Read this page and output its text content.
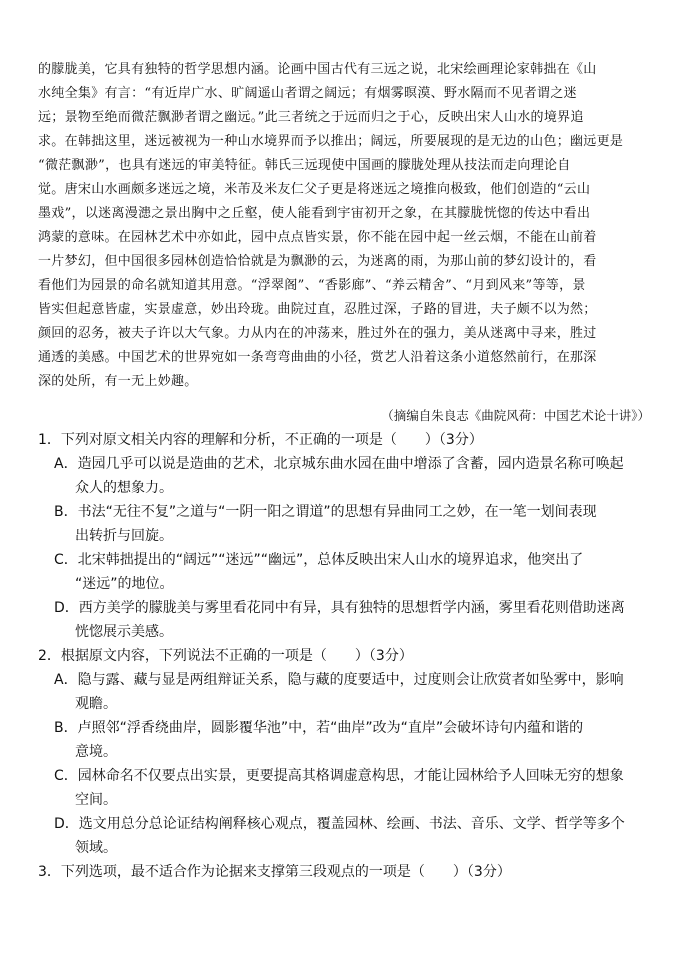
的朦胧美，它具有独特的哲学思想内涵。论画中国古代有三远之说，北宋绘画理论家韩拙在《山
水纯全集》有言：“有近岸广水、旷阔遥山者谓之阔远；有烟雾暝漠、野水隔而不见者谓之迷
远；景物至绝而微茫飘渺者谓之幽远。”此三者统之于远而归之于心，反映出宋人山水的境界追
求。在韩拙这里，迷远被视为一种山水境界而予以推出；阔远，所要展现的是无边的山色；幽远更是
“微茫飘渺”，也具有迷远的审美特征。韩氏三远现使中国画的朦胧处理从技法而走向理论自
觉。唐宋山水画颇多迷远之境，米芾及米友仁父子更是将迷远之境推向极致，他们创造的“云山
墨戏”，以迷离漫漶之景出胸中之丘壑，使人能看到宇宙初开之象，在其朦胧恍惚的传达中看出
鸿蒙的意味。在园林艺术中亦如此，园中点点皆实景，你不能在园中起一丝云烟，不能在山前着
一片梦幻，但中国很多园林创造恰恰就是为飘渺的云，为迷离的雨，为那山前的梦幻设计的，看
看他们为园景的命名就知道其用意。“浮翠阁”、“香影廊”、“养云精舍”、“月到风来”等等，景
皆实但起意皆虚，实景虚意，妙出玲珑。曲院过直，忍胜过深，子路的冒进，夫子颇不以为然；
颜回的忍务，被夫子许以大气象。力从内在的冲荡来，胜过外在的强力，美从迷离中寻来，胜过
通透的美感。中国艺术的世界宛如一条弯弯曲曲的小径，赏艺人沿着这条小道悠然前行，在那深
深的处所，有一无上妙趣。
（摘编自朱良志《曲院风荷：中国艺术论十讲》）
1．下列对原文相关内容的理解和分析，不正确的一项是（　　）（3分）
A．造园几乎可以说是造曲的艺术，北京城东曲水园在曲中增添了含蓄，园内造景名称可唤起
众人的想象力。
B．书法“无往不复”之道与“一阴一阳之谓道”的思想有异曲同工之妙，在一笔一划间表现
出转折与回旋。
C．北宋韩拙提出的“阔远”“迷远”“幽远”，总体反映出宋人山水的境界追求，他突出了
“迷远”的地位。
D．西方美学的朦胧美与雾里看花同中有异，具有独特的思想哲学内涵，雾里看花则借助迷离
恍惚展示美感。
2．根据原文内容，下列说法不正确的一项是（　　）（3分）
A．隐与露、藏与显是两组辩证关系，隐与藏的度要适中，过度则会让欣赏者如坠雾中，影响
观瞻。
B．卢照邻“浮香绕曲岸，圆影覆华池”中，若“曲岸”改为“直岸”会破坏诗句内蕴和谐的
意境。
C．园林命名不仅要点出实景，更要提高其格调虚意构思，才能让园林给予人回味无穷的想象
空间。
D．选文用总分总论证结构阐释核心观点，覆盖园林、绘画、书法、音乐、文学、哲学等多个
领域。
3．下列选项，最不适合作为论据来支撑第三段观点的一项是（　　）（3分）
